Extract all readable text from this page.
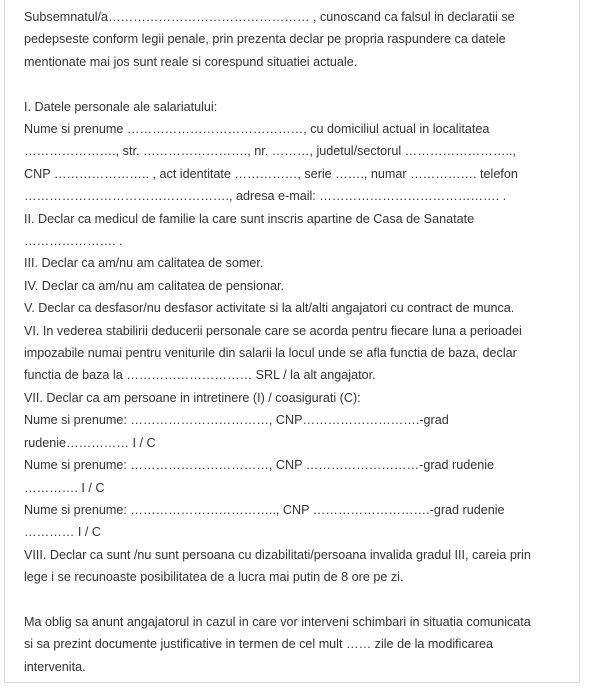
Subsemnatul/a………………………………………… , cunoscand ca falsul in declaratii se
pedepseste conform legii penale, prin prezenta declar pe propria raspundere ca datele
mentionate mai jos sunt reale si corespund situatiei actuale.

I. Datele personale ale salariatului:
Nume si prenume ……………………………………, cu domiciliul actual in localitatea
…………………., str. ……………………., nr. ………, judetul/sectorul ……………………..,
CNP ………………….. , act identitate ……………, serie ……., numar ……………. telefon
…………………………………………., adresa e-mail: ……………………………………. .
II. Declar ca medicul de familie la care sunt inscris apartine de Casa de Sanatate
…………………. .
III. Declar ca am/nu am calitatea de somer.
IV. Declar ca am/nu am calitatea de pensionar.
V. Declar ca desfasor/nu desfasor activitate si la alt/alti angajatori cu contract de munca.
VI. In vederea stabilirii deducerii personale care se acorda pentru fiecare luna a perioadei
impozabile numai pentru veniturile din salarii la locul unde se afla functia de baza, declar
functia de baza la ………………………… SRL / la alt angajator.
VII. Declar ca am persoane in intretinere (I) / coasigurati (C):
Nume si prenume: ……………………………, CNP……………………….-grad
rudenie…………… I / C
Nume si prenume: ……………………………, CNP ………………………-grad rudenie
…………. I / C
Nume si prenume: …………………………….., CNP ……………………….-grad rudenie
………… I / C
VIII. Declar ca sunt /nu sunt persoana cu dizabilitati/persoana invalida gradul III, careia prin
lege i se recunoaste posibilitatea de a lucra mai putin de 8 ore pe zi.

Ma oblig sa anunt angajatorul in cazul in care vor interveni schimbari in situatia comunicata
si sa prezint documente justificative in termen de cel mult …… zile de la modificarea
intervenita.
